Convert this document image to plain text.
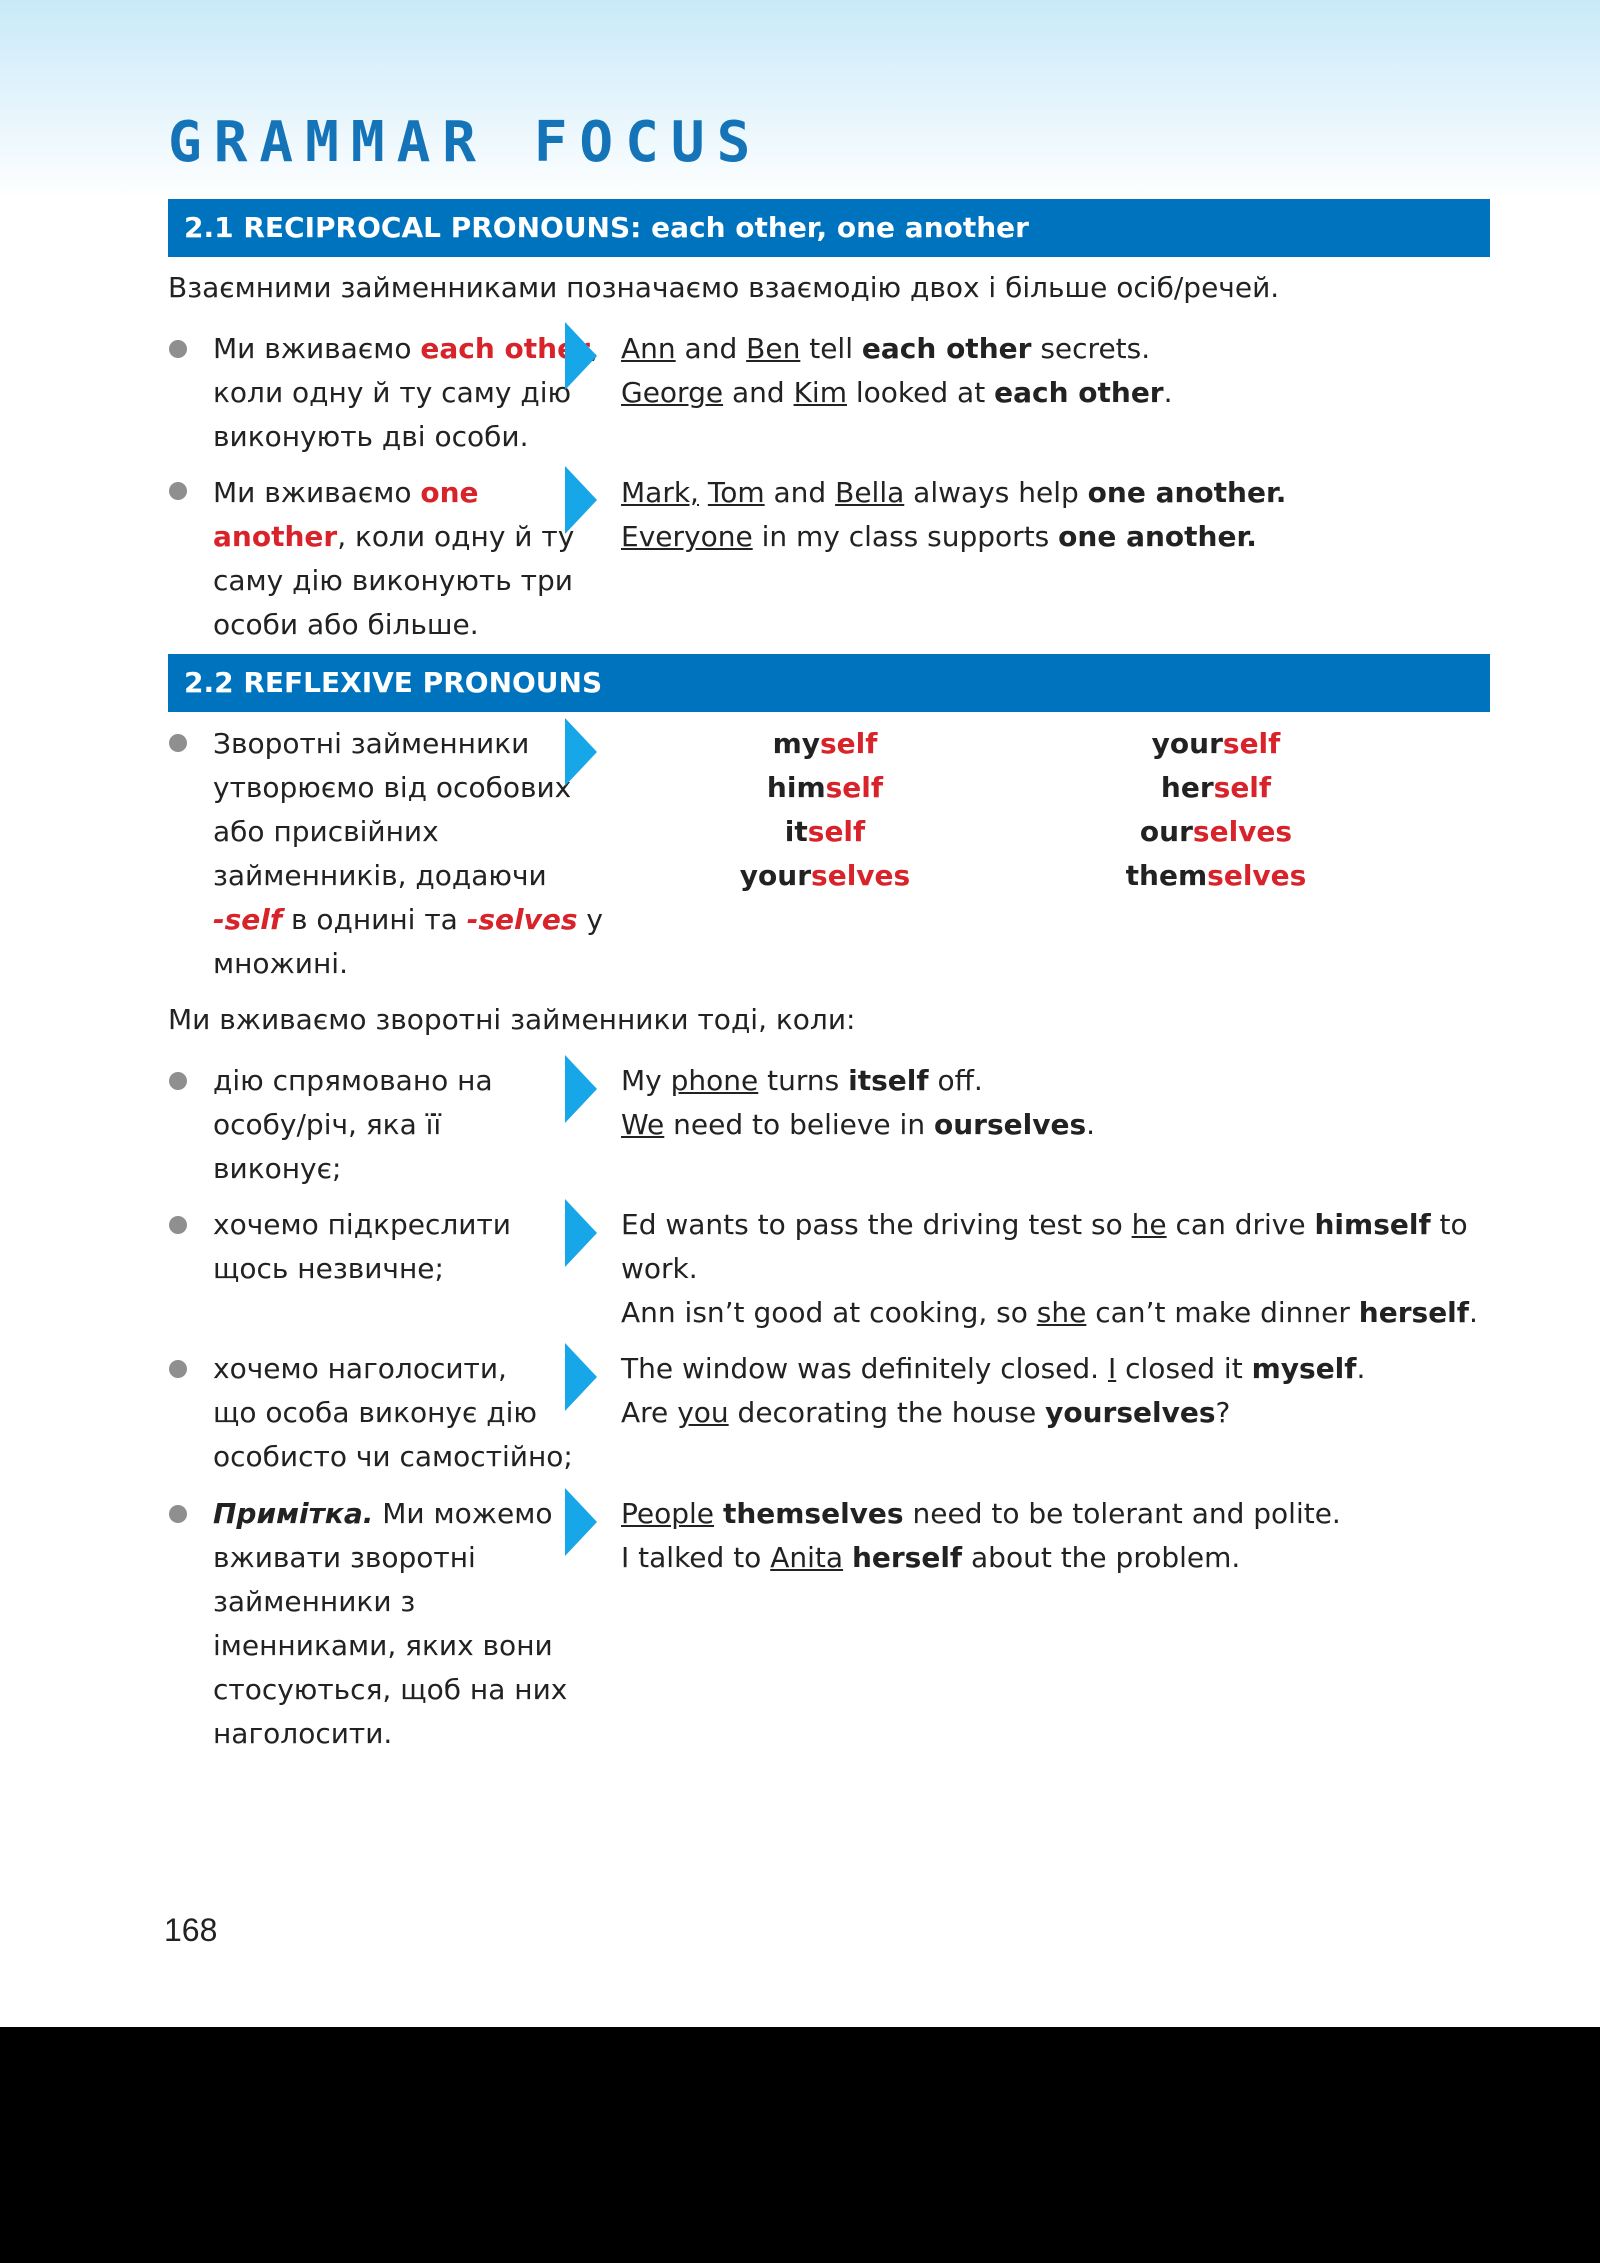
GRAMMAR FOCUS
2.1 RECIPROCAL PRONOUNS: each other, one another
Взаємними займенниками позначаємо взаємодію двох і більше осіб/речей.
Ми вживаємо each other,
коли одну й ту саму дію
виконують дві особи.
Ann and Ben tell each other secrets.
George and Kim looked at each other.
Ми вживаємо one
another, коли одну й ту
саму дію виконують три
особи або більше.
Mark, Tom and Bella always help one another.
Everyone in my class supports one another.
2.2 REFLEXIVE PRONOUNS
Зворотні займенники
утворюємо від особових
або присвійних
займенників, додаючи
-self в однині та -selves у
множині.
myself
himself
itself
yourselves
yourself
herself
ourselves
themselves
Ми вживаємо зворотні займенники тоді, коли:
дію спрямовано на
особу/річ, яка її
виконує;
My phone turns itself off.
We need to believe in ourselves.
хочемо підкреслити
щось незвичне;
Ed wants to pass the driving test so he can drive himself to
work.
Ann isn’t good at cooking, so she can’t make dinner herself.
хочемо наголосити,
що особа виконує дію
особисто чи самостійно;
The window was definitely closed. I closed it myself.
Are you decorating the house yourselves?
Примітка. Ми можемо
вживати зворотні
займенники з
іменниками, яких вони
стосуються, щоб на них
наголосити.
People themselves need to be tolerant and polite.
I talked to Anita herself about the problem.
168
